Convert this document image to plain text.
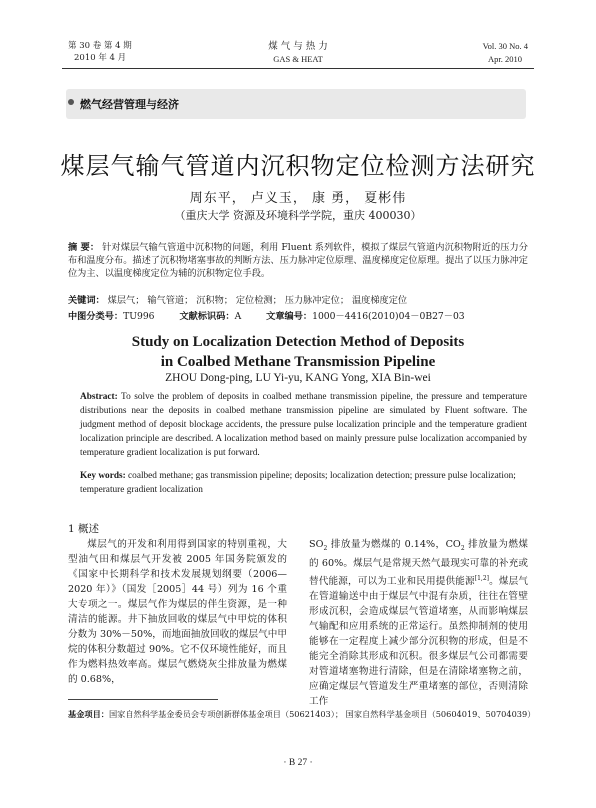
第 30 卷 第 4 期
2010 年 4 月
煤 气 与 热 力
GAS & HEAT
Vol. 30 No. 4
Apr. 2010
燃气经营管理与经济
煤层气输气管道内沉积物定位检测方法研究
周东平， 卢义玉， 康 勇， 夏彬伟
（重庆大学 资源及环境科学学院，重庆 400030）
摘 要： 针对煤层气输气管道中沉积物的问题，利用 Fluent 系列软件，模拟了煤层气管道内沉积物附近的压力分布和温度分布。描述了沉积物堵塞事故的判断方法、压力脉冲定位原理、温度梯度定位原理。提出了以压力脉冲定位为主、以温度梯度定位为辅的沉积物定位手段。
关键词： 煤层气； 输气管道； 沉积物； 定位检测； 压力脉冲定位； 温度梯度定位
中图分类号：TU996	文献标识码：A	文章编号：1000－4416(2010)04－0B27－03
Study on Localization Detection Method of Deposits
in Coalbed Methane Transmission Pipeline
ZHOU Dong-ping, LU Yi-yu, KANG Yong, XIA Bin-wei
Abstract: To solve the problem of deposits in coalbed methane transmission pipeline, the pressure and temperature distributions near the deposits in coalbed methane transmission pipeline are simulated by Fluent software. The judgment method of deposit blockage accidents, the pressure pulse localization principle and the temperature gradient localization principle are described. A localization method based on mainly pressure pulse localization accompanied by temperature gradient localization is put forward.
Key words: coalbed methane; gas transmission pipeline; deposits; localization detection; pressure pulse localization; temperature gradient localization
1 概述
煤层气的开发和利用得到国家的特别重视，大型油气田和煤层气开发被 2005 年国务院颁发的《国家中长期科学和技术发展规划纲要（2006—2020 年）》（国发［2005］44 号）列为 16 个重大专项之一。煤层气作为煤层的伴生资源，是一种清洁的能源。井下抽放回收的煤层气中甲烷的体积分数为 30%－50%，而地面抽放回收的煤层气中甲烷的体积分数超过 90%。它不仅环境性能好，而且作为燃料热效率高。煤层气燃烧灰尘排放量为燃煤的 0.68%，
$SO_2$ 排放量为燃煤的 0.14%，$CO_2$ 排放量为燃煤的 60%。煤层气是常规天然气最现实可靠的补充或替代能源，可以为工业和民用提供能源[1,2]。煤层气在管道输送中由于煤层气中混有杂质，往往在管壁形成沉积，会造成煤层气管道堵塞，从而影响煤层气输配和应用系统的正常运行。虽然抑制剂的使用能够在一定程度上减少部分沉积物的形成，但是不能完全消除其形成和沉积。很多煤层气公司都需要对管道堵塞物进行清除，但是在清除堵塞物之前，应确定煤层气管道发生严重堵塞的部位，否则清除工作
基金项目：国家自然科学基金委员会专项创新群体基金项目（50621403）； 国家自然科学基金项目（50604019、50704039）
· B 27 ·
